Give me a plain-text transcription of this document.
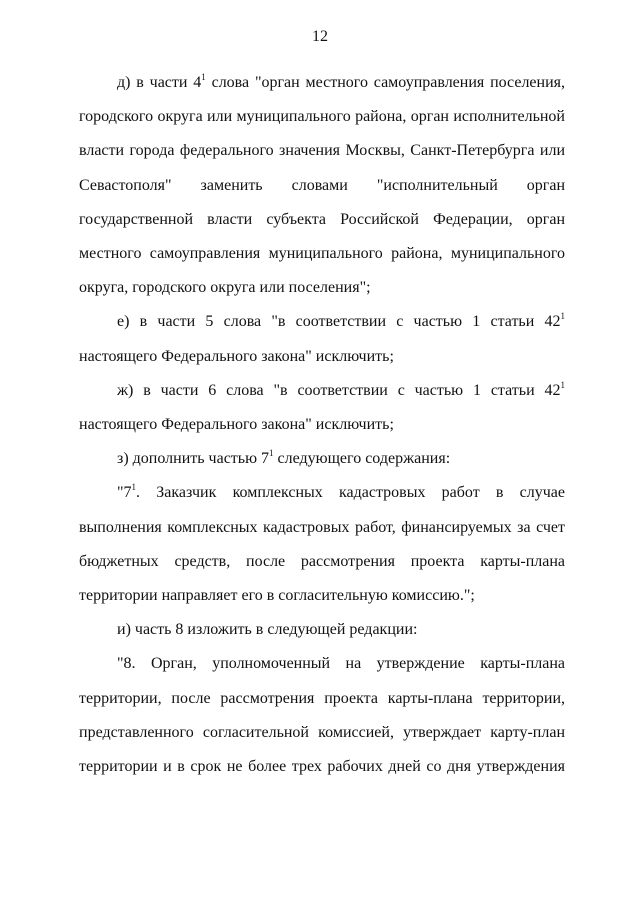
12

д) в части $4^1$ слова "орган местного самоуправления поселения, городского округа или муниципального района, орган исполнительной власти города федерального значения Москвы, Санкт-Петербурга или Севастополя" заменить словами "исполнительный орган государственной власти субъекта Российской Федерации, орган местного самоуправления муниципального района, муниципального округа, городского округа или поселения";

е) в части 5 слова "в соответствии с частью 1 статьи $42^1$ настоящего Федерального закона" исключить;

ж) в части 6 слова "в соответствии с частью 1 статьи $42^1$ настоящего Федерального закона" исключить;

з) дополнить частью $7^1$ следующего содержания:

"$7^1$. Заказчик комплексных кадастровых работ в случае выполнения комплексных кадастровых работ, финансируемых за счет бюджетных средств, после рассмотрения проекта карты-плана территории направляет его в согласительную комиссию.";

и) часть 8 изложить в следующей редакции:

"8. Орган, уполномоченный на утверждение карты-плана территории, после рассмотрения проекта карты-плана территории, представленного согласительной комиссией, утверждает карту-план территории и в срок не более трех рабочих дней со дня утверждения
